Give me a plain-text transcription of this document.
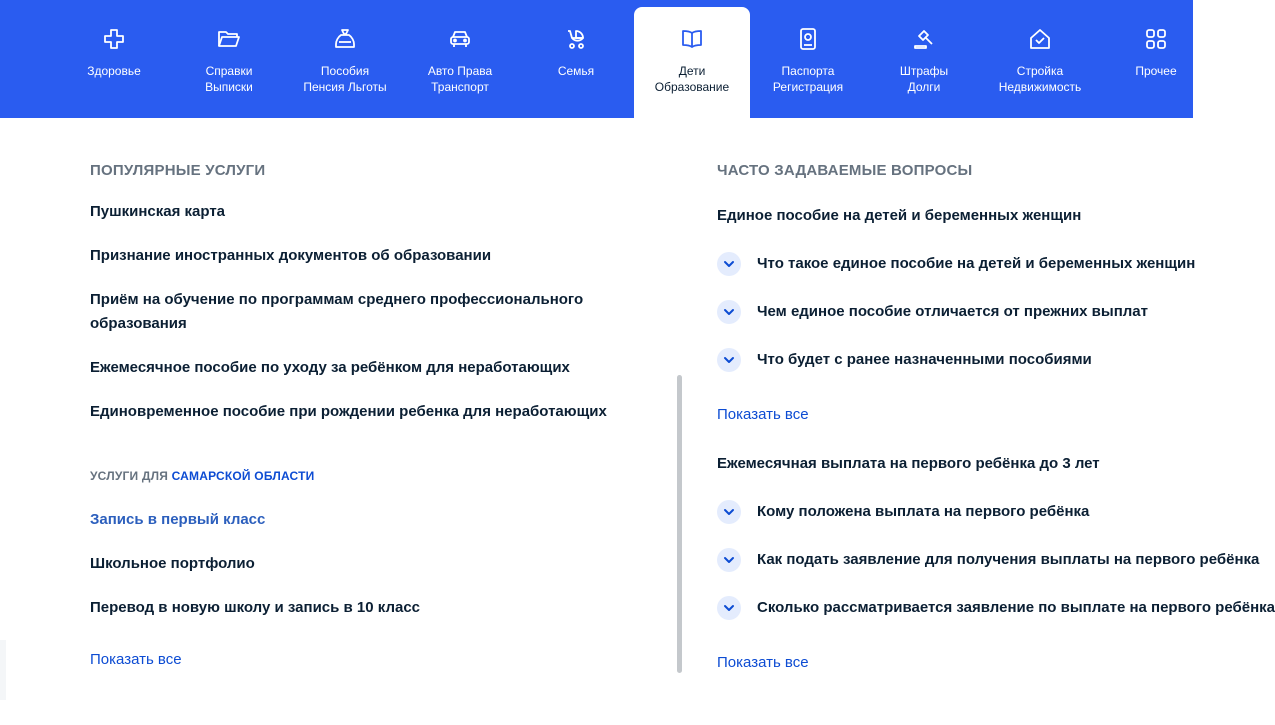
Здоровье	Справки
Выписки
Пособия
Пенсия Льготы
Авто Права
Транспорт
Семья	Дети
Образование
Паспорта
Регистрация
Штрафы
Долги
Стройка
Недвижимость
Прочее
ПОПУЛЯРНЫЕ УСЛУГИ
Пушкинская карта
Признание иностранных документов об образовании
Приём на обучение по программам среднего профессионального образования
Ежемесячное пособие по уходу за ребёнком для неработающих
Единовременное пособие при рождении ребенка для неработающих
УСЛУГИ ДЛЯ САМАРСКОЙ ОБЛАСТИ
Запись в первый класс
Школьное портфолио
Перевод в новую школу и запись в 10 класс
Показать все
ЧАСТО ЗАДАВАЕМЫЕ ВОПРОСЫ
Единое пособие на детей и беременных женщин
Что такое единое пособие на детей и беременных женщин
Чем единое пособие отличается от прежних выплат
Что будет с ранее назначенными пособиями
Показать все
Ежемесячная выплата на первого ребёнка до 3 лет
Кому положена выплата на первого ребёнка
Как подать заявление для получения выплаты на первого ребёнка
Сколько рассматривается заявление по выплате на первого ребёнка
Показать все
